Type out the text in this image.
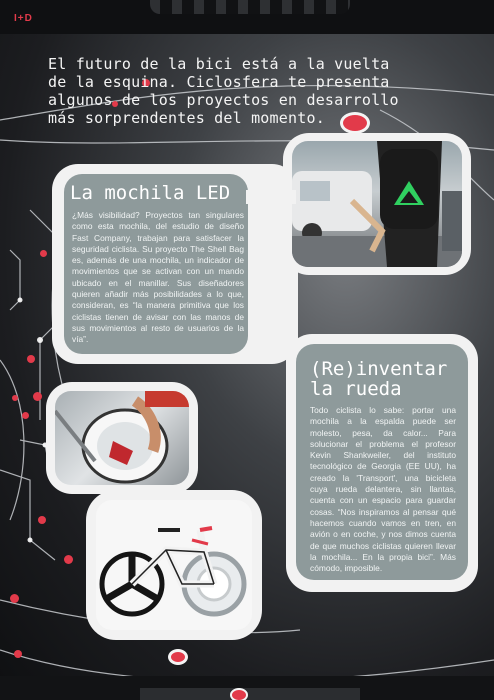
I+D
El futuro de la bici está a la vuelta
de la esquina. Ciclosfera te presenta
algunos de los proyectos en desarrollo
más sorprendentes del momento.
La mochila LED

¿Más visibilidad? Proyectos tan singulares como esta mochila, del estudio de diseño Fast Company, trabajan para satisfacer la seguridad ciclista. Su proyecto The Shell Bag es, además de una mochila, un indicador de movimientos que se activan con un mando ubicado en el manillar. Sus diseñadores quieren añadir más posibilidades a lo que, consideran, es “la manera primitiva que los ciclistas tienen de avisar con las manos de sus movimientos al resto de usuarios de la vía”.

(Re)inventar
la rueda

Todo ciclista lo sabe: portar una mochila a la espalda puede ser molesto, pesa, da calor... Para solucionar el problema el profesor Kevin Shankweiler, del instituto tecnológico de Georgia (EE UU), ha creado la 'Transport', una bicicleta cuya rueda delantera, sin llantas, cuenta con un espacio para guardar cosas. “Nos inspiramos al pensar qué hacemos cuando vamos en tren, en avión o en coche, y nos dimos cuenta de que muchos ciclistas quieren llevar la mochila... En la propia bici”. Más cómodo, imposible.
